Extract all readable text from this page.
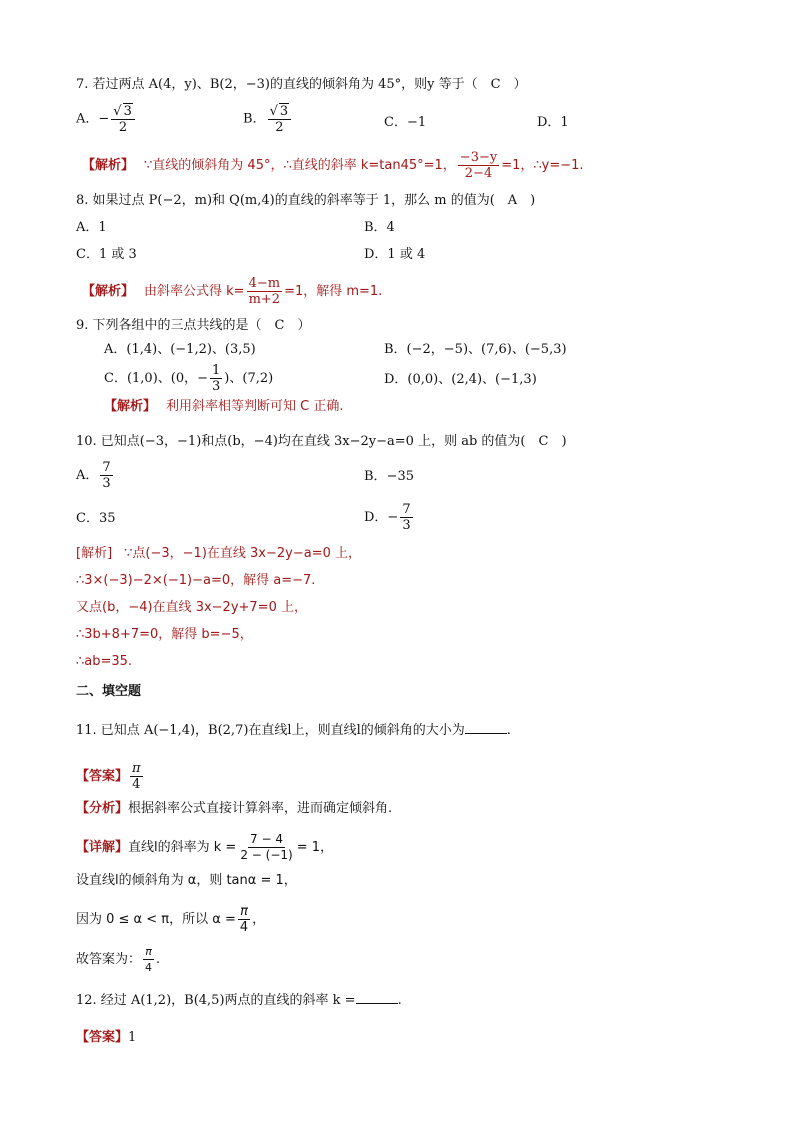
7. 若过两点 A(4，y)、B(2，−3)的直线的倾斜角为 45°，则y 等于（　C　）
A．− $\frac{√ 3}{2}$	B． $\frac{√ 3}{2}$	C．−1	D．1
【解析】 ∵直线的倾斜角为 45°，∴直线的斜率 k=tan45°=1， $\frac{-3-y}{2-4} =1$，∴y=−1.
8. 如果过点 P(−2，m)和 Q(m,4)的直线的斜率等于 1，那么 m 的值为(　A　)
A．1	B．4
C．1 或 3	D．1 或 4
【解析】 由斜率公式得 $k= \frac{4-m}{m+2} =1$，解得 m=1.
9. 下列各组中的三点共线的是（　C　）
A．(1,4)、(−1,2)、(3,5)	B．(−2，−5)、(7,6)、(−5,3)
C．(1,0)、(0，− $\frac{1}{3}$ )、(7,2)	D．(0,0)、(2,4)、(−1,3)
【解析】 利用斜率相等判断可知 C 正确.
10. 已知点(−3，−1)和点(b，−4)均在直线 3x−2y−a=0 上，则 ab 的值为(　C　)
A． $\frac{7}{3}$	B．−35
C．35	D．− $\frac{7}{3}$
[解析] ∵点(−3，−1)在直线 3x−2y−a=0 上，
∴3×(−3)−2×(−1)−a=0，解得 a=−7.
又点(b，−4)在直线 3x−2y+7=0 上，
∴3b+8+7=0，解得 b=−5，
∴ab=35.
二、填空题
11. 已知点 A(−1,4)，B(2,7)在直线l上，则直线l的倾斜角的大小为	.
【答案】 $\frac{\pi}{4}$
【分析】根据斜率公式直接计算斜率，进而确定倾斜角.
【详解】直线l的斜率为 $k = \frac{7 - 4}{2 - (-1)} = 1$，
设直线l的倾斜角为 α，则 tanα = 1，
因为 0 ≤ α < π，所以 $\alpha = \frac{\pi}{4}$ ，
故答案为： $\frac{\pi}{4}$ .
12. 经过 A(1,2)，B(4,5)两点的直线的斜率 k =	.
【答案】1
